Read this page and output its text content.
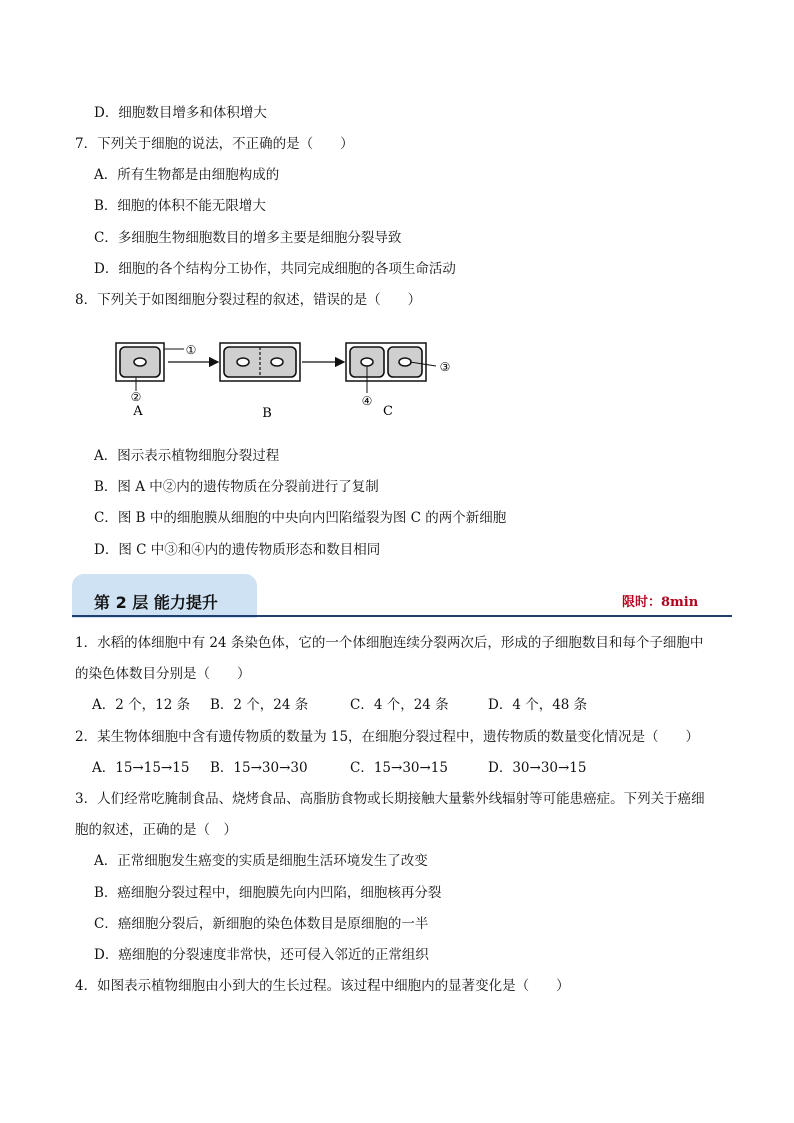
D．细胞数目增多和体积增大
7．下列关于细胞的说法，不正确的是（　　）
A．所有生物都是由细胞构成的
B．细胞的体积不能无限增大
C．多细胞生物细胞数目的增多主要是细胞分裂导致
D．细胞的各个结构分工协作，共同完成细胞的各项生命活动
8．下列关于如图细胞分裂过程的叙述，错误的是（　　）
①
②
A	B
③
④
C
A．图示表示植物细胞分裂过程
B．图 A 中②内的遗传物质在分裂前进行了复制
C．图 B 中的细胞膜从细胞的中央向内凹陷缢裂为图 C 的两个新细胞
D．图 C 中③和④内的遗传物质形态和数目相同
第 2 层 能力提升	限时：8min
1．水稻的体细胞中有 24 条染色体，它的一个体细胞连续分裂两次后，形成的子细胞数目和每个子细胞中
的染色体数目分别是（　　）
A．2 个，12 条 B．2 个，24 条	C．4 个，24 条	D．4 个，48 条
2．某生物体细胞中含有遗传物质的数量为 15，在细胞分裂过程中，遗传物质的数量变化情况是（　　）
A．15→15→15 B．15→30→30	C．15→30→15	D．30→30→15
3．人们经常吃腌制食品、烧烤食品、高脂肪食物或长期接触大量紫外线辐射等可能患癌症。下列关于癌细
胞的叙述，正确的是（　）
A．正常细胞发生癌变的实质是细胞生活环境发生了改变
B．癌细胞分裂过程中，细胞膜先向内凹陷，细胞核再分裂
C．癌细胞分裂后，新细胞的染色体数目是原细胞的一半
D．癌细胞的分裂速度非常快，还可侵入邻近的正常组织
4．如图表示植物细胞由小到大的生长过程。该过程中细胞内的显著变化是（　　）
